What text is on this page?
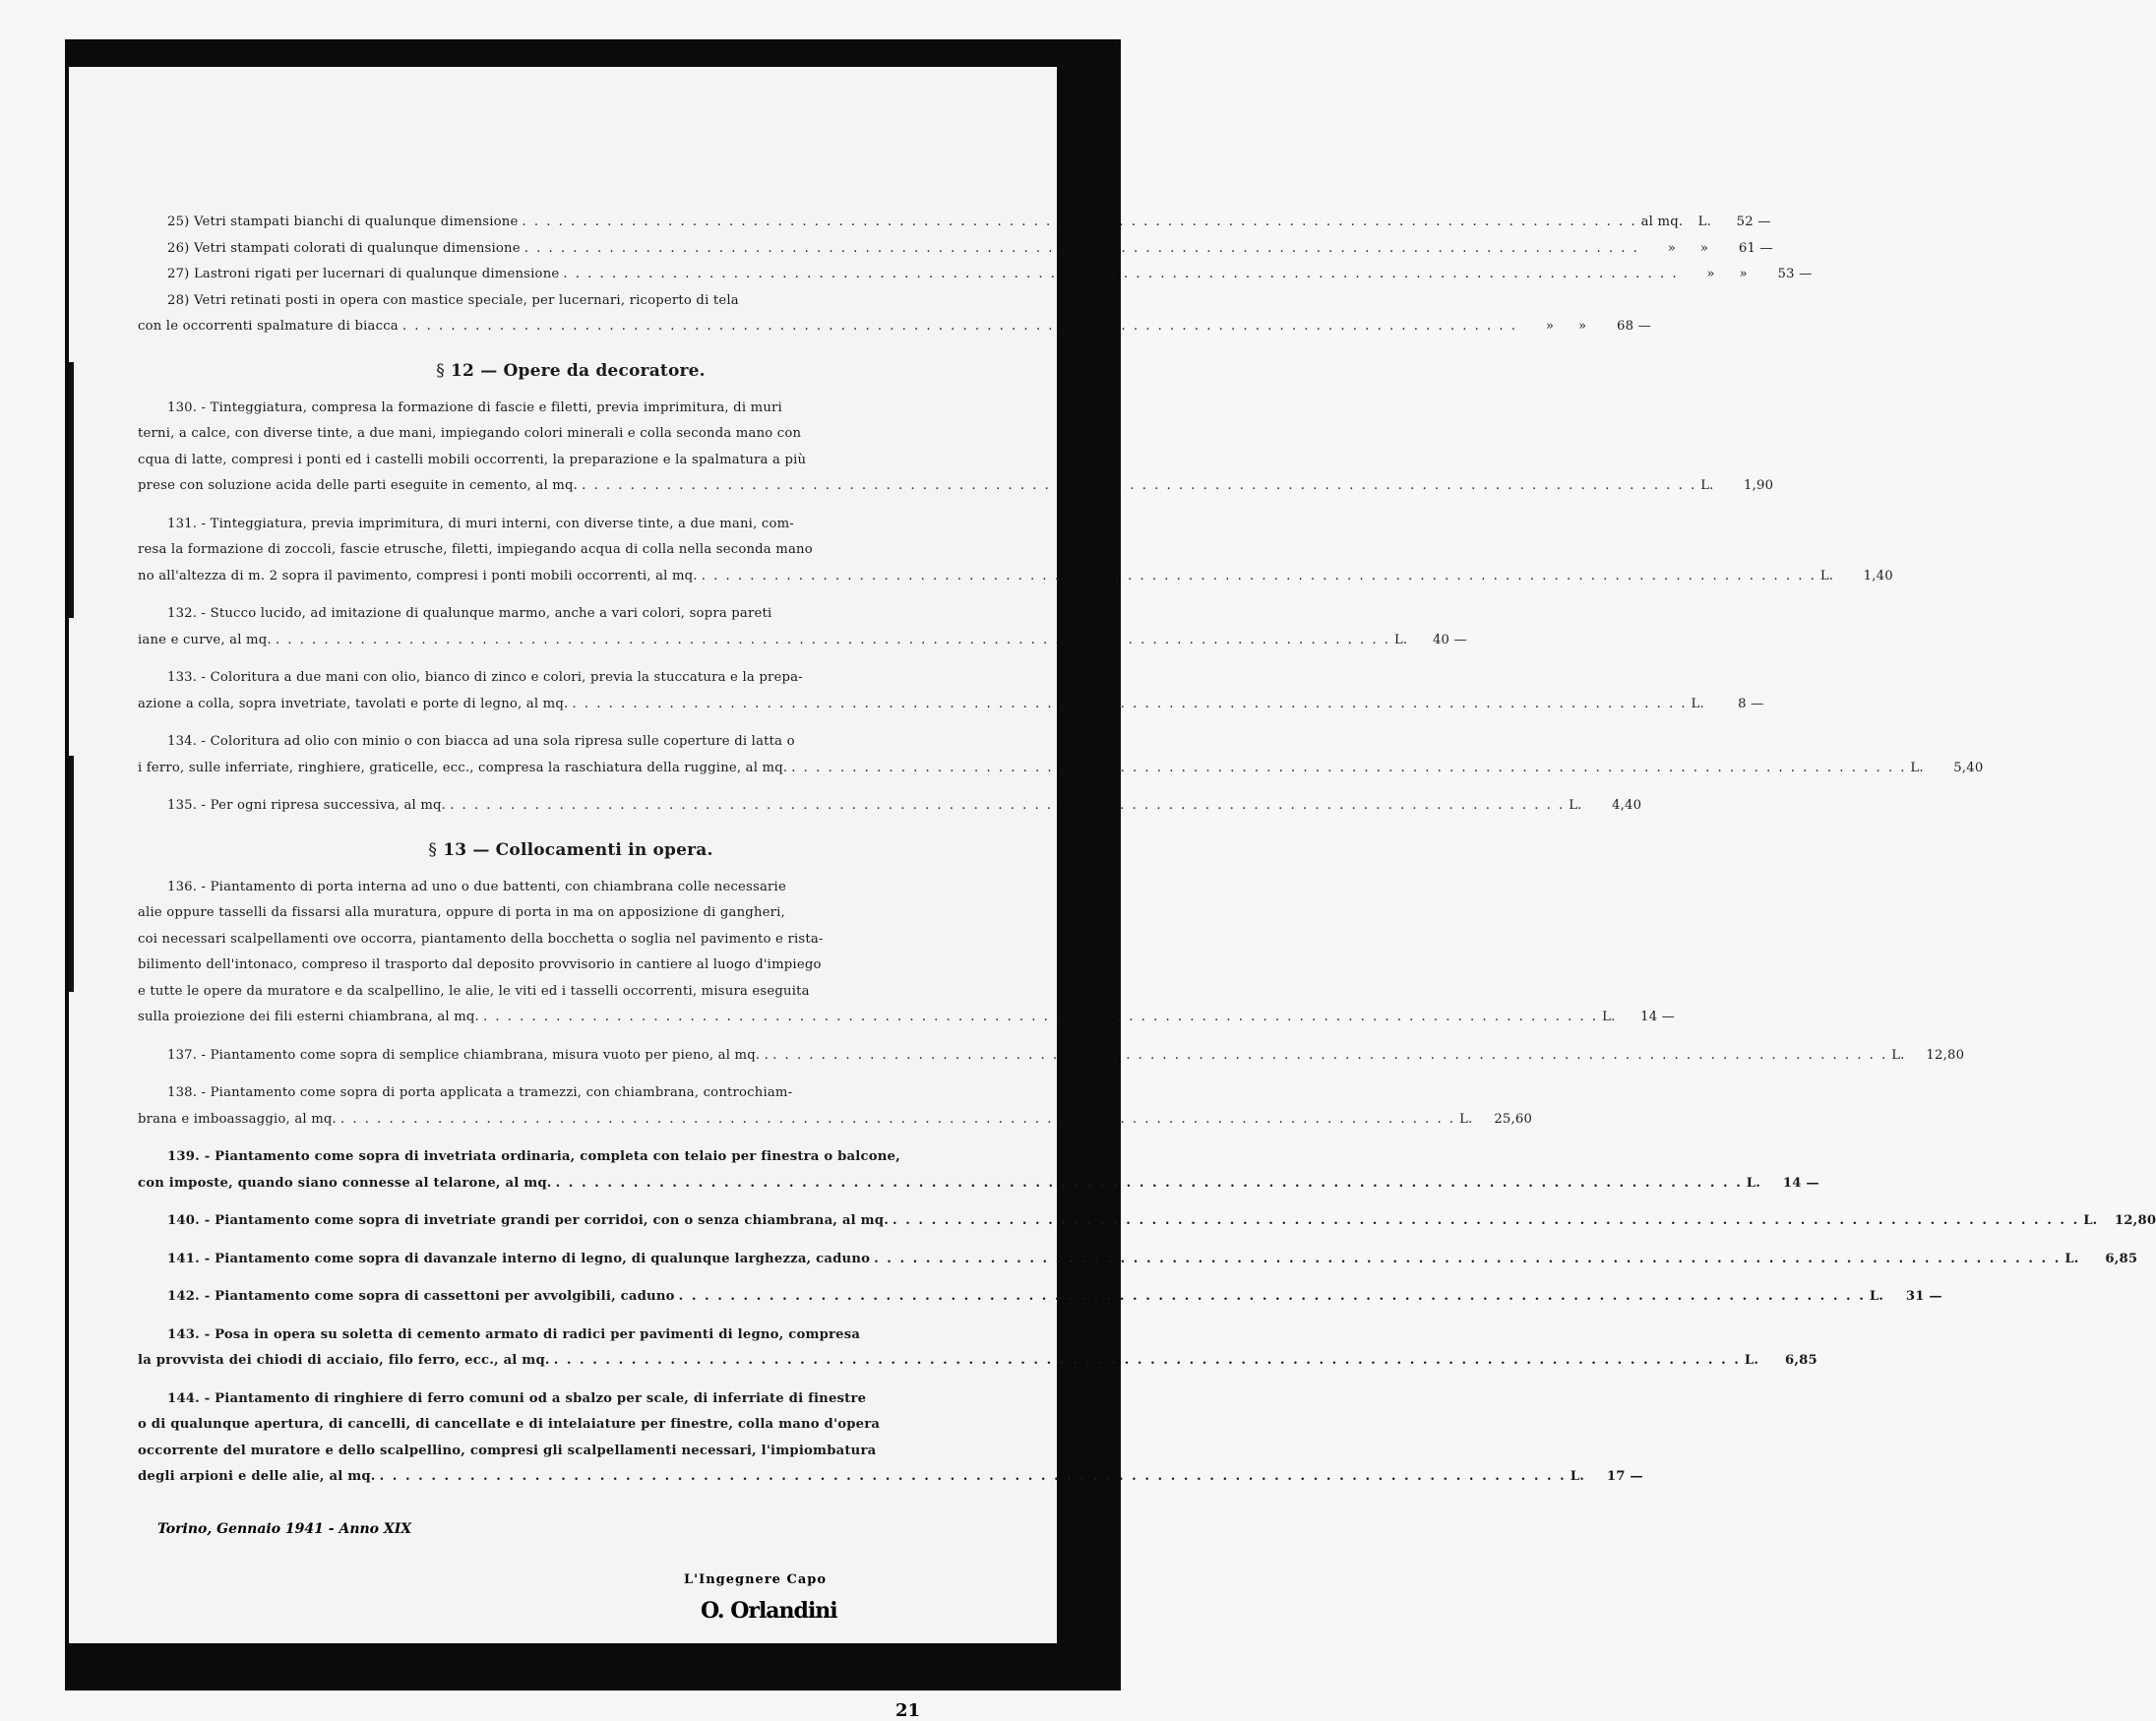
25) Vetri stampati bianchi di qualunque dimensione . . .	al mq.	L.	52 —
26) Vetri stampati colorati di qualunque dimensione . . .	»	»	61 —
27) Lastroni rigati per lucernari di qualunque dimensione . . .	»	»	53 —
28) Vetri retinati posti in opera con mastice speciale, per lucernari, ricoperto di tela
con le occorrenti spalmature di biacca . . .	»	»	68 —
§ 12 — Opere da decoratore.
130. - Tinteggiatura, compresa la formazione di fascie e filetti, previa imprimitura, di muri
terni, a calce, con diverse tinte, a due mani, impiegando colori minerali e colla seconda mano con
cqua di latte, compresi i ponti ed i castelli mobili occorrenti, la preparazione e la spalmatura a più
prese con soluzione acida delle parti eseguite in cemento, al mq. . . .	L.	1,90
131. - Tinteggiatura, previa imprimitura, di muri interni, con diverse tinte, a due mani, com-
resa la formazione di zoccoli, fascie etrusche, filetti, impiegando acqua di colla nella seconda mano
no all'altezza di m. 2 sopra il pavimento, compresi i ponti mobili occorrenti, al mq. . . .	L.	1,40
132. - Stucco lucido, ad imitazione di qualunque marmo, anche a vari colori, sopra pareti
iane e curve, al mq. . . .	L.	40 —
133. - Coloritura a due mani con olio, bianco di zinco e colori, previa la stuccatura e la prepa-
azione a colla, sopra invetriate, tavolati e porte di legno, al mq. . . .	L.	8 —
134. - Coloritura ad olio con minio o con biacca ad una sola ripresa sulle coperture di latta o
i ferro, sulle inferriate, ringhiere, graticelle, ecc., compresa la raschiatura della ruggine, al mq. . . .	L.	5,40
135. - Per ogni ripresa successiva, al mq. . . .	L.	4,40
§ 13 — Collocamenti in opera.
136. - Piantamento di porta interna ad uno o due battenti, con chiambrana colle necessarie
alie oppure tasselli da fissarsi alla muratura, oppure di porta in ma on apposizione di gangheri,
coi necessari scalpellamenti ove occorra, piantamento della bocchetta o soglia nel pavimento e ristа-
bilimento dell'intonaco, compreso il trasporto dal deposito provvisorio in cantiere al luogo d'impiego
e tutte le opere da muratore e da scalpellino, le alie, le viti ed i tasselli occorrenti, misura eseguita
sulla proiezione dei fili esterni chiambrana, al mq. . . .	L.	14 —
137. - Piantamento come sopra di semplice chiambrana, misura vuoto per pieno, al mq. . . . .	L.	12,80
138. - Piantamento come sopra di porta applicata a tramezzi, con chiambrana, controchiam-
brana e imboassaggio, al mq. . . .	L.	25,60
139. - Piantamento come sopra di invetriata ordinaria, completa con telaio per finestra o balcone,
con imposte, quando siano connesse al telarone, al mq. . . .	L.	14 —
140. - Piantamento come sopra di invetriate grandi per corridoi, con o senza chiambrana, al mq. . . .	L.	12,80
141. - Piantamento come sopra di davanzale interno di legno, di qualunque larghezza, caduno . . .	L.	6,85
142. - Piantamento come sopra di cassettoni per avvolgibili, caduno . . .	L.	31 —
143. - Posa in opera su soletta di cemento armato di radici per pavimenti di legno, compresa
la provvista dei chiodi di acciaio, filo ferro, ecc., al mq. . . .	L.	6,85
144. - Piantamento di ringhiere di ferro comuni od a sbalzo per scale, di inferriate di finestre
o di qualunque apertura, di cancelli, di cancellate e di intelaiature per finestre, colla mano d'opera
occorrente del muratore e dello scalpellino, compresi gli scalpellamenti necessari, l'impiombatura
degli arpioni e delle alie, al mq. . . .	L.	17 —
Torino, Gennaio 1941 - Anno XIX
L'Ingegnere Capo
O. Orlandini
21
